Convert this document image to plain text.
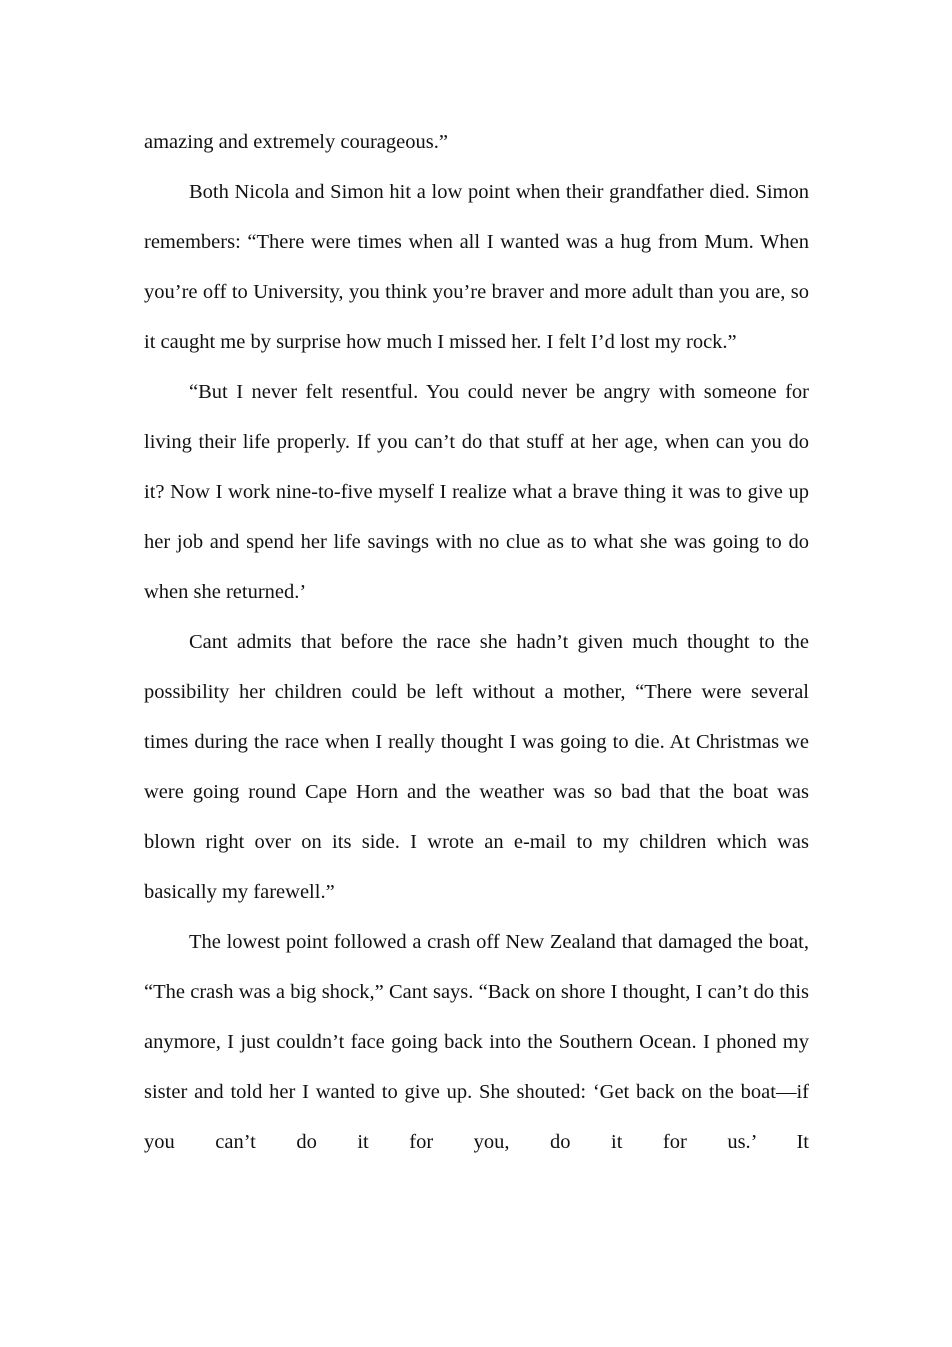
amazing and extremely courageous.”

Both Nicola and Simon hit a low point when their grandfather died. Simon remembers: “There were times when all I wanted was a hug from Mum. When you’re off to University, you think you’re braver and more adult than you are, so it caught me by surprise how much I missed her. I felt I’d lost my rock.”

“But I never felt resentful. You could never be angry with someone for living their life properly. If you can’t do that stuff at her age, when can you do it? Now I work nine-to-five myself I realize what a brave thing it was to give up her job and spend her life savings with no clue as to what she was going to do when she returned.’

Cant admits that before the race she hadn’t given much thought to the possibility her children could be left without a mother, “There were several times during the race when I really thought I was going to die. At Christmas we were going round Cape Horn and the weather was so bad that the boat was blown right over on its side. I wrote an e-mail to my children which was basically my farewell.”

The lowest point followed a crash off New Zealand that damaged the boat, “The crash was a big shock,” Cant says. “Back on shore I thought, I can’t do this anymore, I just couldn’t face going back into the Southern Ocean. I phoned my sister and told her I wanted to give up. She shouted: ‘Get back on the boat—if you can’t do it for you, do it for us.’ It
